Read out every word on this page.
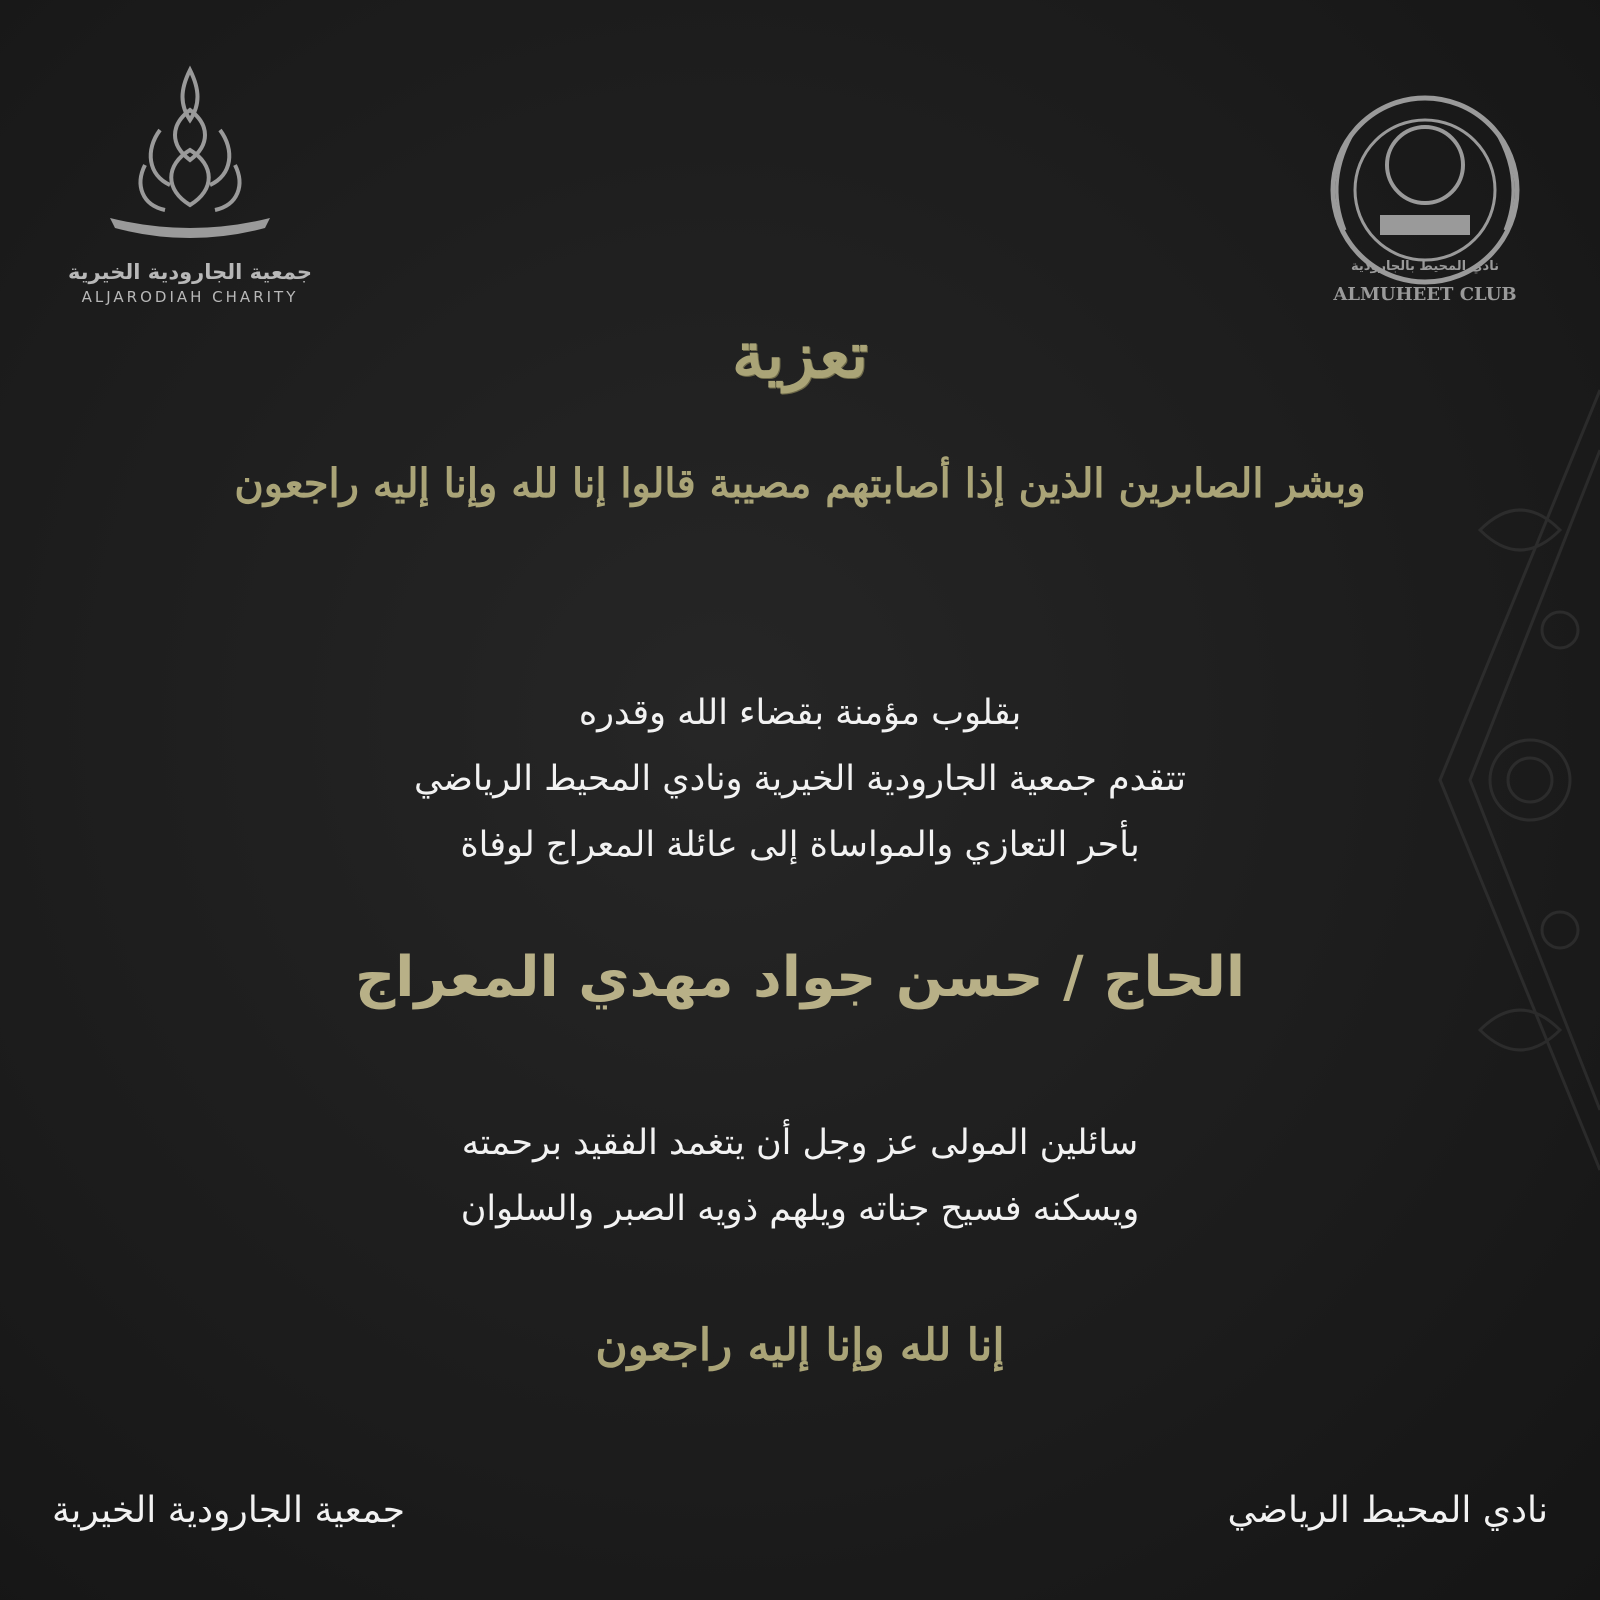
جمعية الجارودية الخيرية
ALJARODIAH CHARITY	ALMUHEET CLUB
نادي المحيط بالجارودية
تعزية
وبشر الصابرين الذين إذا أصابتهم مصيبة قالوا إنا لله وإنا إليه راجعون
بقلوب مؤمنة بقضاء الله وقدره
تتقدم جمعية الجارودية الخيرية ونادي المحيط الرياضي
بأحر التعازي والمواساة إلى عائلة المعراج لوفاة
الحاج / حسن جواد مهدي المعراج
سائلين المولى عز وجل أن يتغمد الفقيد برحمته
ويسكنه فسيح جناته ويلهم ذويه الصبر والسلوان
إنا لله وإنا إليه راجعون
جمعية الجارودية الخيرية	نادي المحيط الرياضي
